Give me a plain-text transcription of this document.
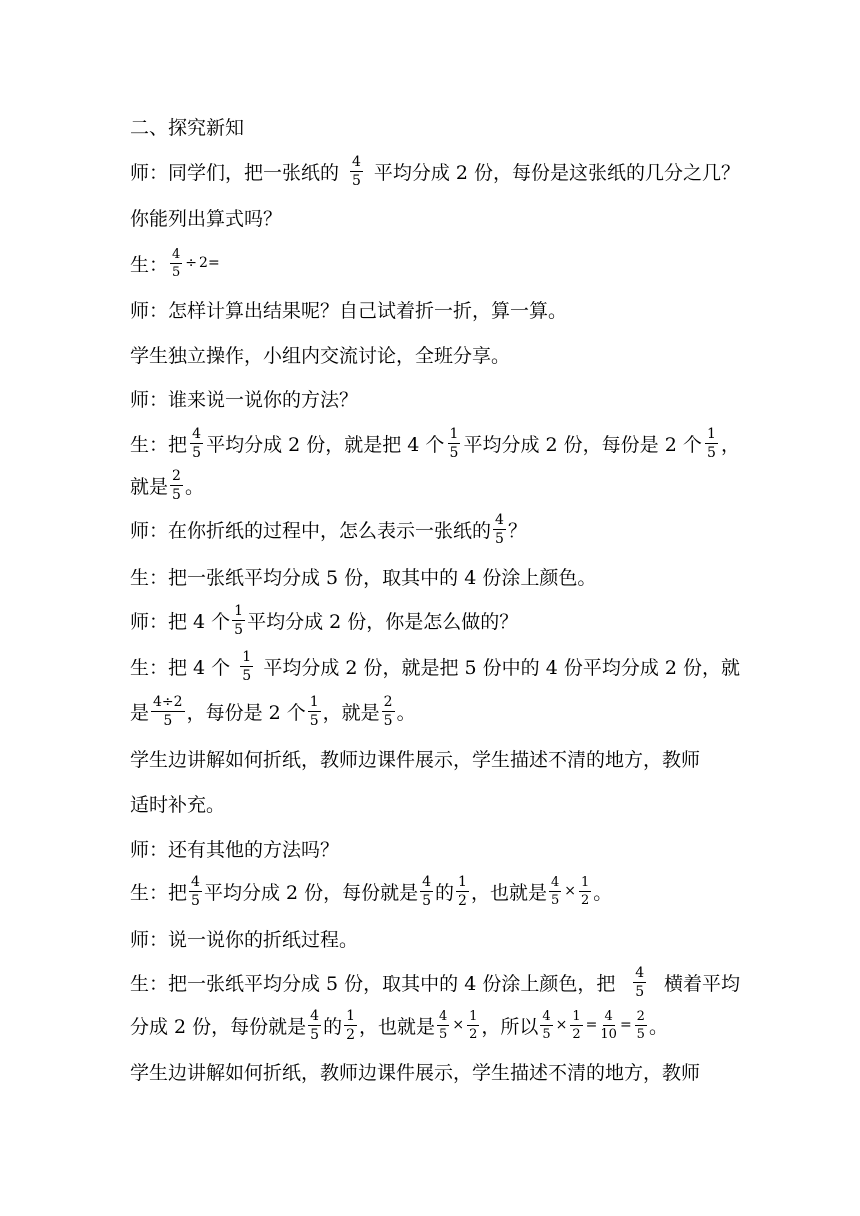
二、探究新知
师：同学们，把一张纸的 $\frac{4}{5}$ 平均分成 2 份，每份是这张纸的几分之几？
你能列出算式吗？
生： $\frac{4}{5} \div 2=$
师：怎样计算出结果呢？自己试着折一折，算一算。
学生独立操作，小组内交流讨论，全班分享。
师：谁来说一说你的方法？
生：把 $\frac{4}{5}$ 平均分成 2 份，就是把 4 个 $\frac{1}{5}$ 平均分成 2 份，每份是 2 个 $\frac{1}{5}$ ，
就是 $\frac{2}{5}$ 。
师：在你折纸的过程中，怎么表示一张纸的 $\frac{4}{5}$ ？
生：把一张纸平均分成 5 份，取其中的 4 份涂上颜色。
师：把 4 个 $\frac{1}{5}$ 平均分成 2 份，你是怎么做的？
生：把 4 个 $\frac{1}{5}$ 平均分成 2 份，就是把 5 份中的 4 份平均分成 2 份，就
是 $\frac{4\div 2}{5}$ ，每份是 2 个 $\frac{1}{5}$ ，就是 $\frac{2}{5}$ 。
学生边讲解如何折纸，教师边课件展示，学生描述不清的地方，教师
适时补充。
师：还有其他的方法吗？
生：把 $\frac{4}{5}$ 平均分成 2 份，每份就是 $\frac{4}{5}$ 的 $\frac{1}{2}$ ，也就是 $\frac{4}{5} \times \frac{1}{2}$ 。
师：说一说你的折纸过程。
生：把一张纸平均分成 5 份，取其中的 4 份涂上颜色，把 $\frac{4}{5}$ 横着平均
分成 2 份，每份就是 $\frac{4}{5}$ 的 $\frac{1}{2}$ ，也就是 $\frac{4}{5} \times \frac{1}{2}$ ，所以 $\frac{4}{5} \times \frac{1}{2} = \frac{4}{10} = \frac{2}{5}$ 。
学生边讲解如何折纸，教师边课件展示，学生描述不清的地方，教师
